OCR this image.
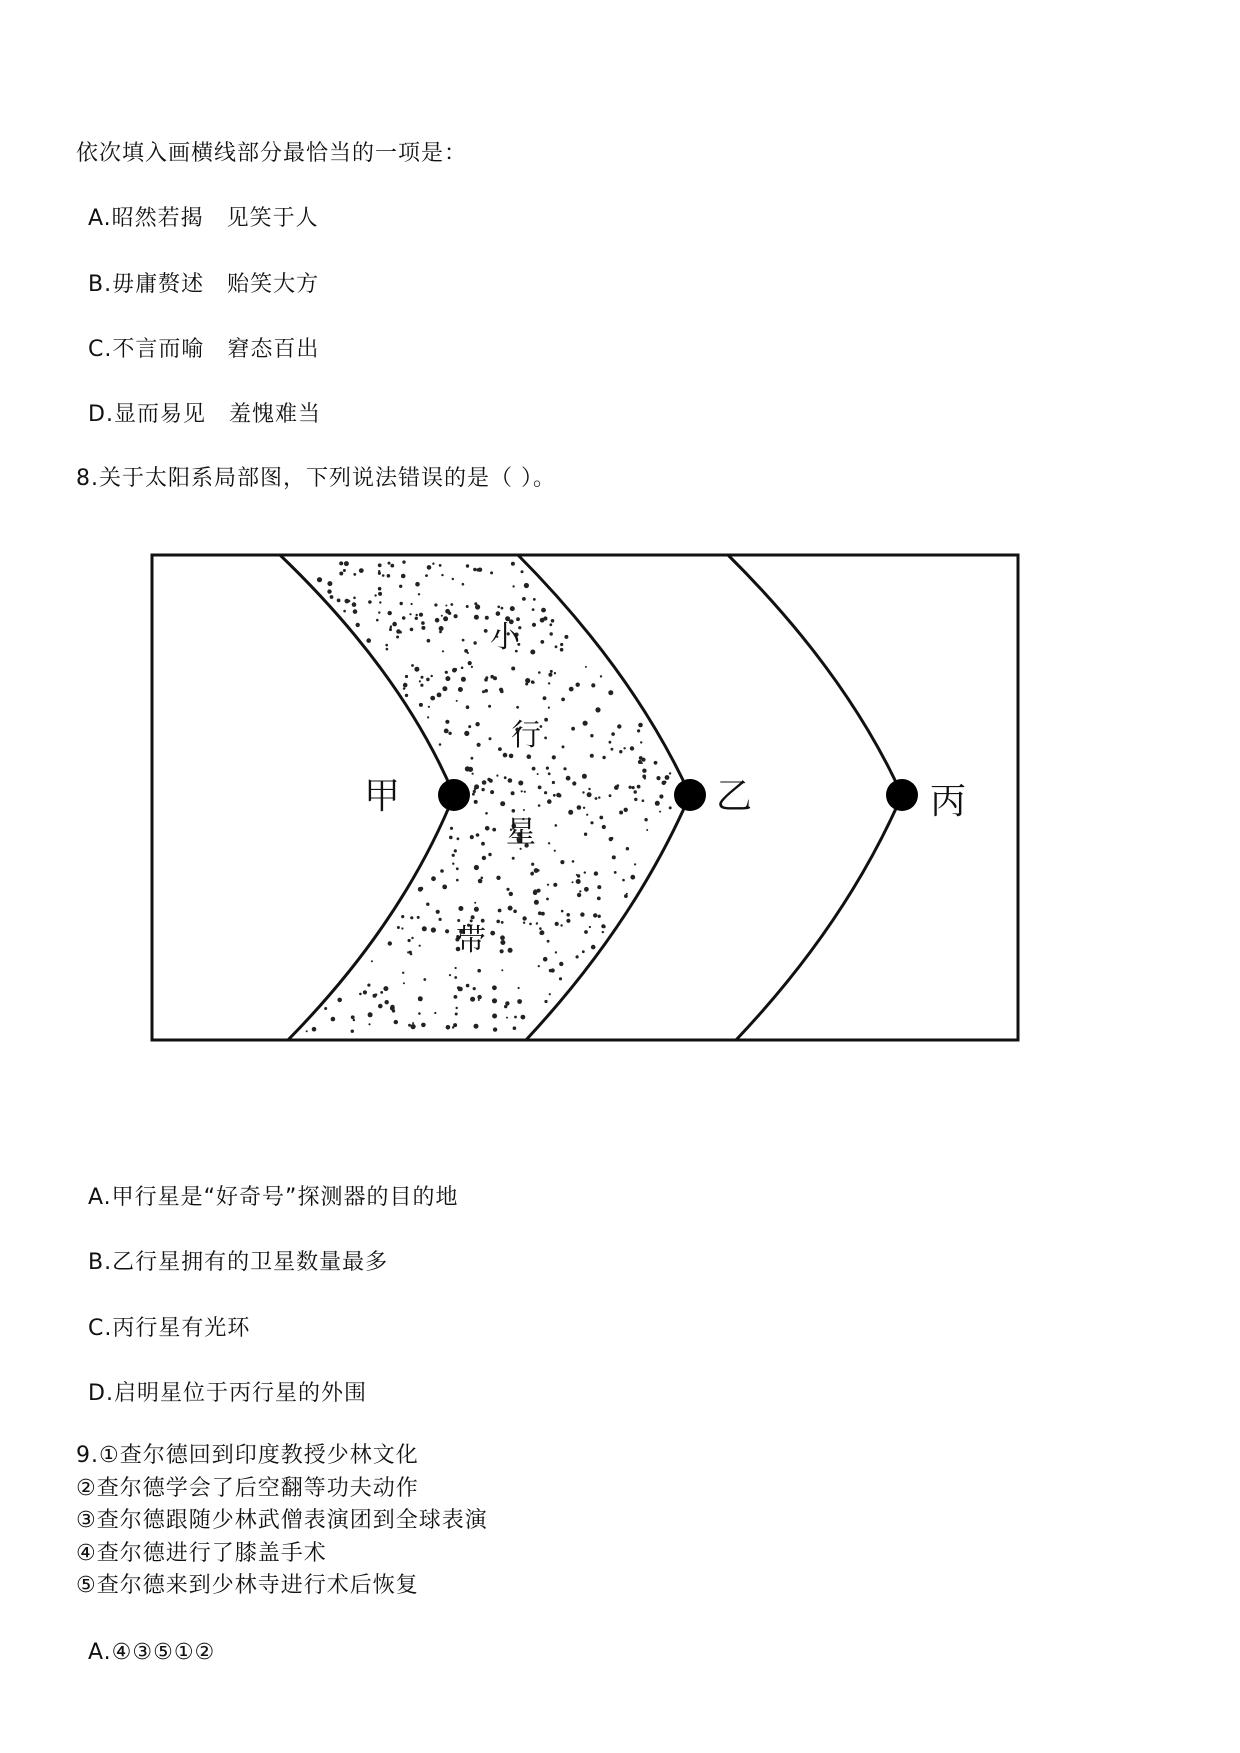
依次填入画横线部分最恰当的一项是：
A.昭然若揭　见笑于人
B.毋庸赘述　贻笑大方
C.不言而喻　窘态百出
D.显而易见　羞愧难当
8.关于太阳系局部图，下列说法错误的是（ ）。
甲	乙	丙
小
行
星
带
A.甲行星是“好奇号”探测器的目的地
B.乙行星拥有的卫星数量最多
C.丙行星有光环
D.启明星位于丙行星的外围
9.①查尔德回到印度教授少林文化
②查尔德学会了后空翻等功夫动作
③查尔德跟随少林武僧表演团到全球表演
④查尔德进行了膝盖手术
⑤查尔德来到少林寺进行术后恢复
A.④③⑤①②
